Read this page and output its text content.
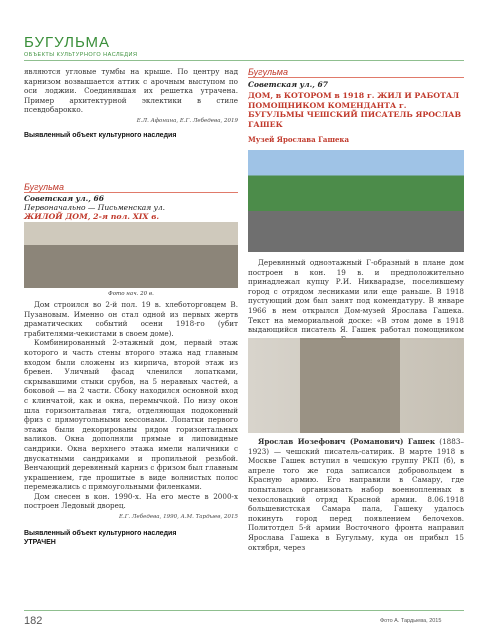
БУГУЛЬМА
ОБЪЕКТЫ КУЛЬТУРНОГО НАСЛЕДИЯ

являются угловые тумбы на крыше. По центру над карнизом возвышается аттик с арочным выступом по оси лоджии. Соединявшая их решетка утрачена. Пример архитектурной эклектики в стиле псевдобарокко.

Е.Л. Афонина, Е.Г. Лебедева, 2019
Выявленный объект культурного наследия
Бугульма
Советская ул., 67
ДОМ, в КОТОРОМ в 1918 г. ЖИЛ И РАБОТАЛ ПОМОЩНИКОМ КОМЕНДАНТА г. БУГУЛЬМЫ ЧЕШСКИЙ ПИСАТЕЛЬ ЯРОСЛАВ ГАШЕК
Музей Ярослава Гашека
Бугульма
Советская ул., 66
Первоначально — Письменская ул.
ЖИЛОЙ ДОМ, 2-я пол. XIX в.
Фото нач. 20 в.

Дом строился во 2-й пол. 19 в. хлеботорговцем В. Пузановым. Именно он стал одной из первых жертв драматических событий осени 1918-го (убит грабителями-чекистами в своем доме).

Комбинированный 2-этажный дом, первый этаж которого и часть стены второго этажа над главным входом были сложены из кирпича, второй этаж из бревен. Уличный фасад членился лопатками, скрывавшими стыки срубов, на 5 неравных частей, а боковой — на 2 части. Сбоку находился основной вход с клинчатой, как и окна, перемычкой. По низу окон шла горизонтальная тяга, отделяющая подоконный фриз с прямоугольными кессонами. Лопатки первого этажа были декорированы рядом горизонтальных валиков. Окна дополняли прямые и липовидные сандрики. Окна верхнего этажа имели наличники с двускатными сандриками и пропильной резьбой. Венчающий деревянный карниз с фризом был главным украшением, где прошитые в виде волнистых полос перемежались с прямоугольными филенками.

Дом снесен в кон. 1990-х. На его месте в 2000-х построен Ледовый дворец.

Е.Г. Лебедева, 1990, А.М. Тардыев, 2015
Выявленный объект культурного наследия
УТРАЧЕН

Деревянный одноэтажный Г-образный в плане дом построен в кон. 19 в. и предположительно принадлежал купцу Р.И. Никварадзе, поселившему город с отрядом лесниками или еще раньше. В 1918 пустующий дом был занят под комендатуру. В январе 1966 в нем открылся Дом-музей Ярослава Гашека. Текст на мемориальной доске: «В этом доме в 1918 выдающийся писатель Я. Гашек работал помощником

Ярослав Иозефович (Романович) Гашек (1883–1923) — чешский писатель-сатирик. В марте 1918 в Москве Гашек вступил в чешскую группу РКП (б), в апреле того же года записался добровольцем в Красную армию. Его направили в Самару, где попытались организовать набор военнопленных в чехословацкий отряд Красной армии. 8.06.1918 большевистская Самара пала, Гашеку удалось покинуть город перед появлением белочехов. Политотдел 5-й армии Восточного фронта направил Ярослава Гашека в Бугульму, куда он прибыл 15 октября, через

182	Фото А. Тардыева, 2015
